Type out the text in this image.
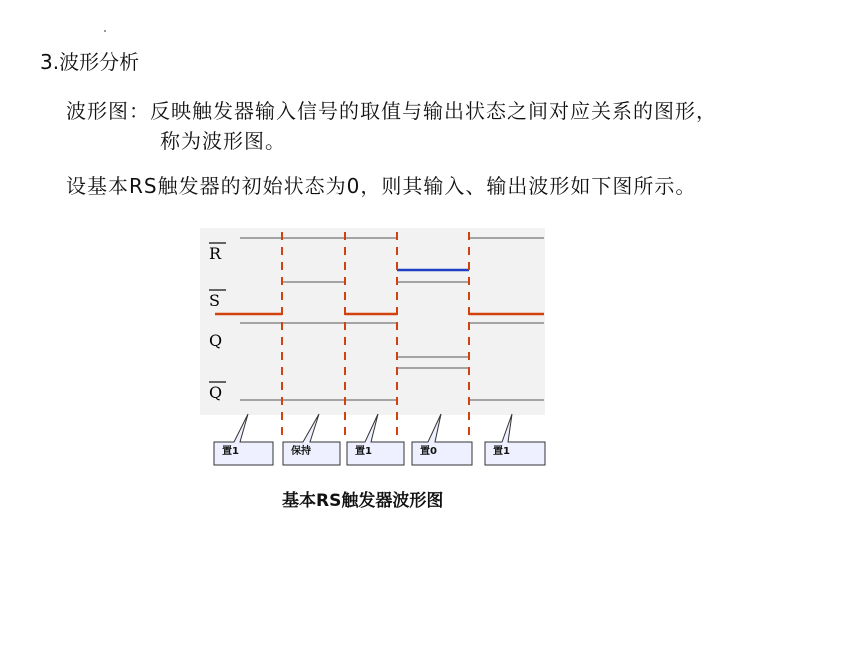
3.波形分析
波形图：反映触发器输入信号的取值与输出状态之间对应关系的图形，
称为波形图。
设基本RS触发器的初始状态为0，则其输入、输出波形如下图所示。
R
S
Q
Q
置1	保持	置1	置0	置1
基本RS触发器波形图
